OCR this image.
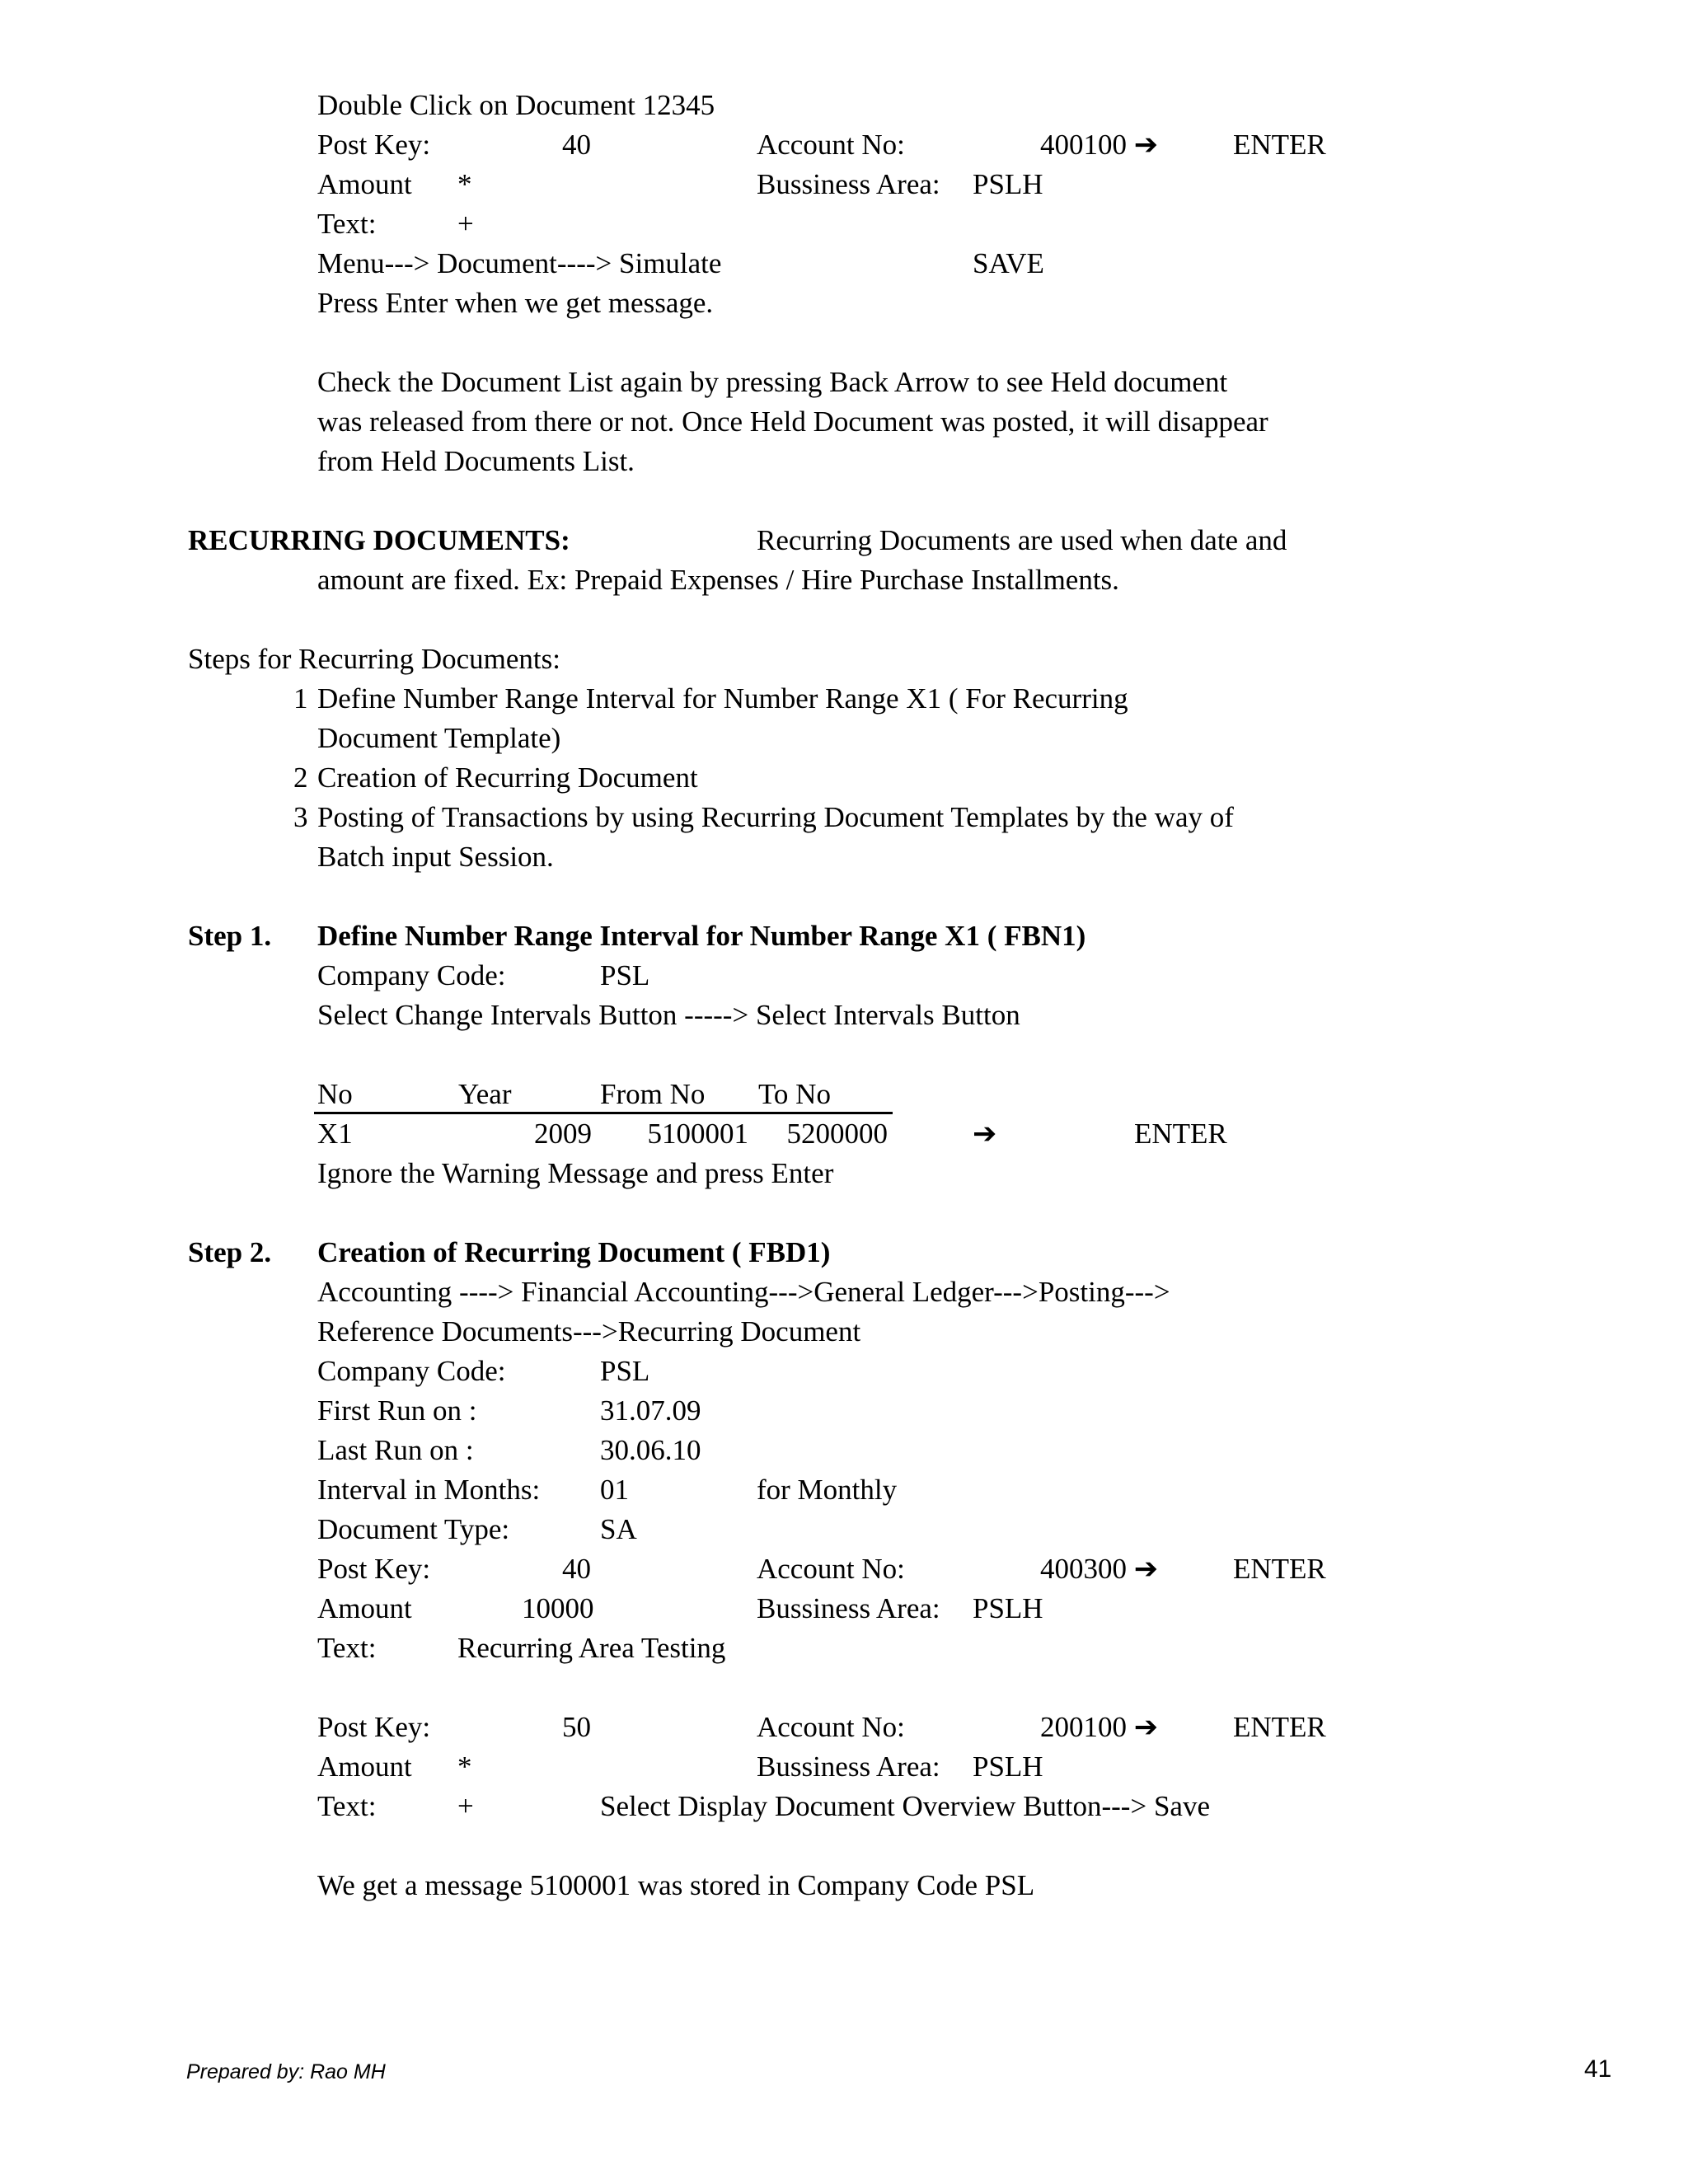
Double Click on Document 12345
Post Key:	40	Account No:	400100 ➔	ENTER
Amount *	Bussiness Area: PSLH
Text:	+
Menu---> Document----> Simulate	SAVE
Press Enter when we get message.
Check the Document List again by pressing Back Arrow to see Held document
was released from there or not. Once Held Document was posted, it will disappear
from Held Documents List.
RECURRING DOCUMENTS:	Recurring Documents are used when date and
amount are fixed. Ex: Prepaid Expenses / Hire Purchase Installments.
Steps for Recurring Documents:
1 Define Number Range Interval for Number Range X1 ( For Recurring
Document Template)
2 Creation of Recurring Document
3 Posting of Transactions by using Recurring Document Templates by the way of
Batch input Session.
Step 1. Define Number Range Interval for Number Range X1 ( FBN1)
Company Code:	PSL
Select Change Intervals Button -----> Select Intervals Button
No	Year	From No To No
X1	2009	5100001	5200000	➔	ENTER
Ignore the Warning Message and press Enter
Step 2. Creation of Recurring Document ( FBD1)
Accounting ----> Financial Accounting--->General Ledger--->Posting--->
Reference Documents--->Recurring Document
Company Code:	PSL
First Run on :	31.07.09
Last Run on :	30.06.10
Interval in Months: 01	for Monthly
Document Type:	SA
Post Key:	40	Account No:	400300 ➔	ENTER
Amount	10000	Bussiness Area: PSLH
Text:	Recurring Area Testing
Post Key:	50	Account No:	200100 ➔	ENTER
Amount *	Bussiness Area: PSLH
Text:	+	Select Display Document Overview Button---> Save
We get a message 5100001 was stored in Company Code PSL
Prepared by: Rao MH	41
